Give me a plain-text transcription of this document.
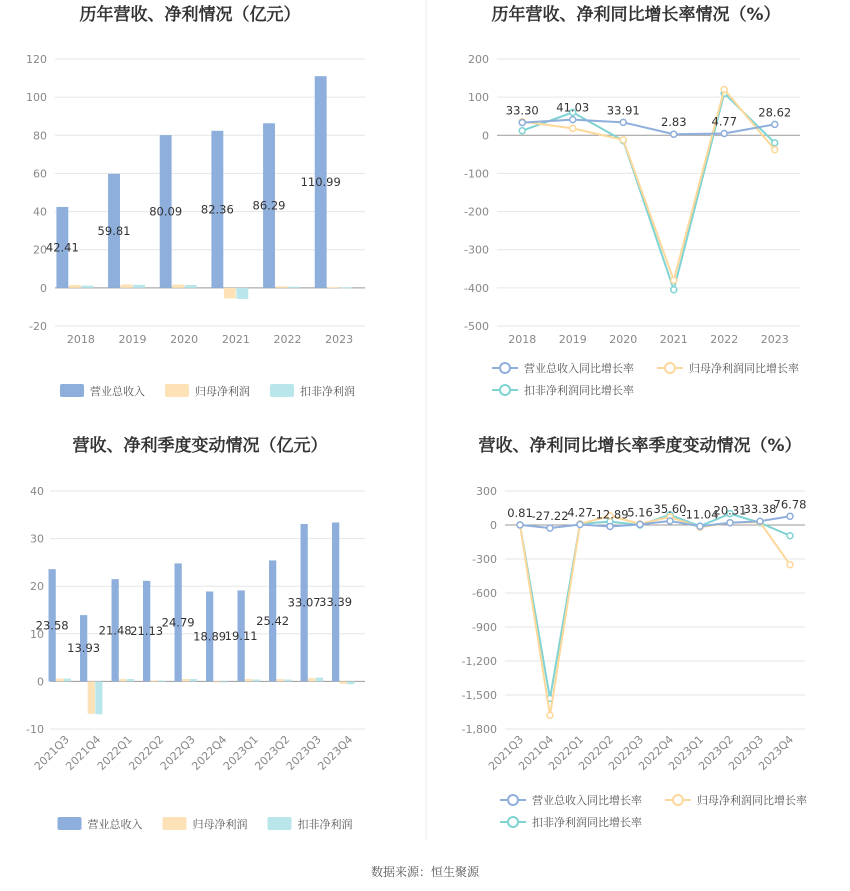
历年营收、净利情况（亿元）
-20
0
20
40
60
80
100
120
2018 2019 2020 2021 2022 2023
42.41
59.81
80.09 82.36 86.29
110.99
营业总收入	归母净利润	扣非净利润
历年营收、净利同比增长率情况（%）
-500
-400
-300
-200
-100
0
100
200
2018 2019 2020 2021 2022 2023
33.30 41.03 33.91
2.83 4.77
28.62
营业总收入同比增长率	归母净利润同比增长率
扣非净利润同比增长率
营收、净利季度变动情况（亿元）
-10
0
10
20
30
40
2021Q3
2021Q4
2022Q1
2022Q2
2022Q3
2022Q4
2023Q1
2023Q2
2023Q3
2023Q4
23.58
13.93
21.48
21.13
24.79
18.89
19.11
25.42
33.07
33.39
营业总收入	归母净利润	扣非净利润
营收、净利同比增长率季度变动情况（%）
-1,800
-1,500
-1,200
-900
-600
-300
0
300
2021Q3
2021Q4
2022Q1
2022Q2
2022Q3
2022Q4
2023Q1
2023Q2
2023Q3
2023Q4
0.81
-27.22
4.27
-12.89
5.16 35.60
-11.04
20.31
33.38
76.78
营业总收入同比增长率	归母净利润同比增长率
扣非净利润同比增长率
数据来源：恒生聚源
